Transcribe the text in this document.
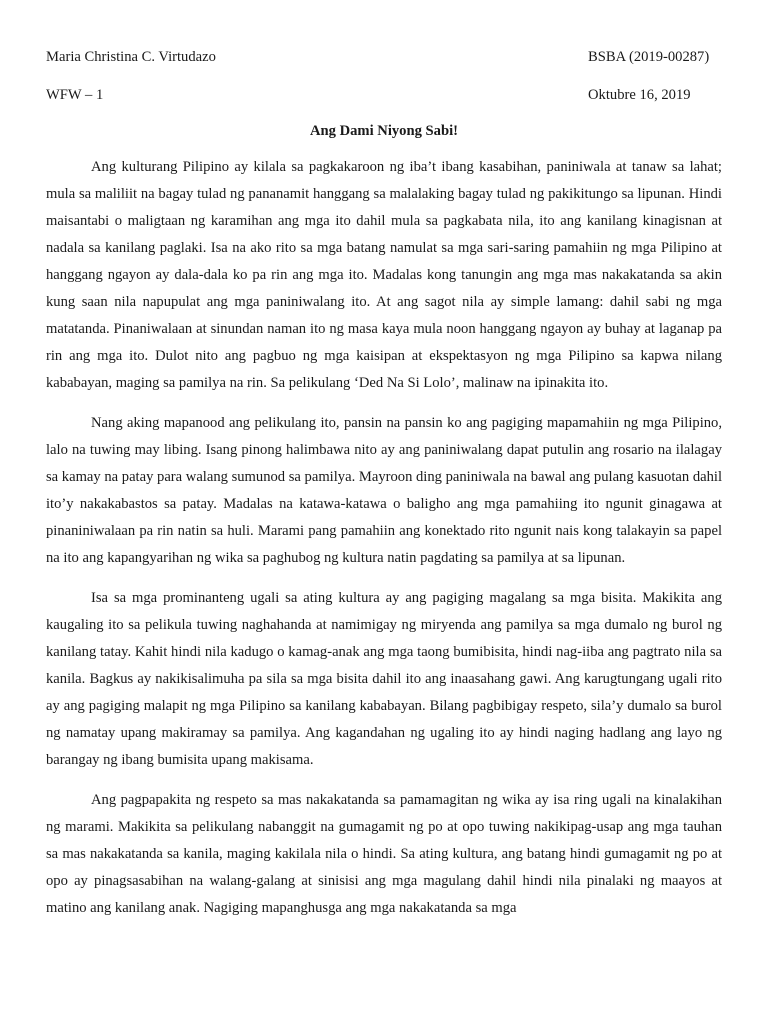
Maria Christina C. Virtudazo	BSBA (2019-00287)
WFW – 1	Oktubre 16, 2019
Ang Dami Niyong Sabi!

Ang kulturang Pilipino ay kilala sa pagkakaroon ng iba’t ibang kasabihan, paniniwala at tanaw sa lahat; mula sa maliliit na bagay tulad ng pananamit hanggang sa malalaking bagay tulad ng pakikitungo sa lipunan. Hindi maisantabi o maligtaan ng karamihan ang mga ito dahil mula sa pagkabata nila, ito ang kanilang kinagisnan at nadala sa kanilang paglaki. Isa na ako rito sa mga batang namulat sa mga sari-saring pamahiin ng mga Pilipino at hanggang ngayon ay dala-dala ko pa rin ang mga ito. Madalas kong tanungin ang mga mas nakakatanda sa akin kung saan nila napupulat ang mga paniniwalang ito. At ang sagot nila ay simple lamang: dahil sabi ng mga matatanda. Pinaniwalaan at sinundan naman ito ng masa kaya mula noon hanggang ngayon ay buhay at laganap pa rin ang mga ito. Dulot nito ang pagbuo ng mga kaisipan at ekspektasyon ng mga Pilipino sa kapwa nilang kababayan, maging sa pamilya na rin. Sa pelikulang ‘Ded Na Si Lolo’, malinaw na ipinakita ito.

Nang aking mapanood ang pelikulang ito, pansin na pansin ko ang pagiging mapamahiin ng mga Pilipino, lalo na tuwing may libing. Isang pinong halimbawa nito ay ang paniniwalang dapat putulin ang rosario na ilalagay sa kamay na patay para walang sumunod sa pamilya. Mayroon ding paniniwala na bawal ang pulang kasuotan dahil ito’y nakakabastos sa patay. Madalas na katawa-katawa o baligho ang mga pamahiing ito ngunit ginagawa at pinaniniwalaan pa rin natin sa huli. Marami pang pamahiin ang konektado rito ngunit nais kong talakayin sa papel na ito ang kapangyarihan ng wika sa paghubog ng kultura natin pagdating sa pamilya at sa lipunan.

Isa sa mga prominanteng ugali sa ating kultura ay ang pagiging magalang sa mga bisita. Makikita ang kaugaling ito sa pelikula tuwing naghahanda at namimigay ng miryenda ang pamilya sa mga dumalo ng burol ng kanilang tatay. Kahit hindi nila kadugo o kamag-anak ang mga taong bumibisita, hindi nag-iiba ang pagtrato nila sa kanila. Bagkus ay nakikisalimuha pa sila sa mga bisita dahil ito ang inaasahang gawi. Ang karugtungang ugali rito ay ang pagiging malapit ng mga Pilipino sa kanilang kababayan. Bilang pagbibigay respeto, sila’y dumalo sa burol ng namatay upang makiramay sa pamilya. Ang kagandahan ng ugaling ito ay hindi naging hadlang ang layo ng barangay ng ibang bumisita upang makisama.

Ang pagpapakita ng respeto sa mas nakakatanda sa pamamagitan ng wika ay isa ring ugali na kinalakihan ng marami. Makikita sa pelikulang nabanggit na gumagamit ng po at opo tuwing nakikipag-usap ang mga tauhan sa mas nakakatanda sa kanila, maging kakilala nila o hindi. Sa ating kultura, ang batang hindi gumagamit ng po at opo ay pinagsasabihan na walang-galang at sinisisi ang mga magulang dahil hindi nila pinalaki ng maayos at matino ang kanilang anak. Nagiging mapanghusga ang mga nakakatanda sa mga
